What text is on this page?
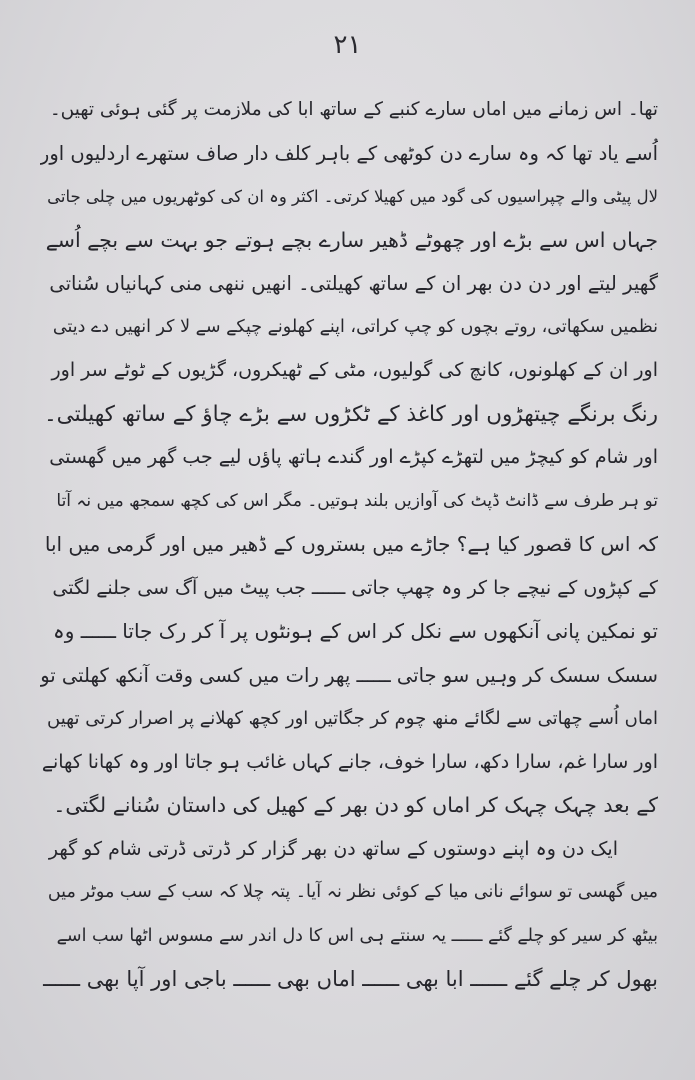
۲۱
تھا۔ اس زمانے میں اماں سارے کنبے کے ساتھ ابا کی ملازمت پر گئی ہوئی تھیں۔
اُسے یاد تھا کہ وہ سارے دن کوٹھی کے باہر کلف دار صاف ستھرے اردلیوں اور
لال پیٹی والے چپراسیوں کی گود میں کھیلا کرتی۔ اکثر وہ ان کی کوٹھریوں میں چلی جاتی
جہاں اس سے بڑے اور چھوٹے ڈھیر سارے بچے ہوتے جو بہت سے بچے اُسے
گھیر لیتے اور دن دن بھر ان کے ساتھ کھیلتی۔ انھیں ننھی منی کہانیاں سُناتی
نظمیں سکھاتی، روتے بچوں کو چپ کراتی، اپنے کھلونے چپکے سے لا کر انھیں دے دیتی
اور ان کے کھلونوں، کانچ کی گولیوں، مٹی کے ٹھیکروں، گڑیوں کے ٹوٹے سر اور
رنگ برنگے چیتھڑوں اور کاغذ کے ٹکڑوں سے بڑے چاؤ کے ساتھ کھیلتی۔
اور شام کو کیچڑ میں لتھڑے کپڑے اور گندے ہاتھ پاؤں لیے جب گھر میں گھستی
تو ہر طرف سے ڈانٹ ڈپٹ کی آوازیں بلند ہوتیں۔ مگر اس کی کچھ سمجھ میں نہ آتا
کہ اس کا قصور کیا ہے؟ جاڑے میں بستروں کے ڈھیر میں اور گرمی میں ابا
کے کپڑوں کے نیچے جا کر وہ چھپ جاتی ــــــ جب پیٹ میں آگ سی جلنے لگتی
تو نمکین پانی آنکھوں سے نکل کر اس کے ہونٹوں پر آ کر رک جاتا ــــــ وہ
سسک سسک کر وہیں سو جاتی ــــــ پھر رات میں کسی وقت آنکھ کھلتی تو
اماں اُسے چھاتی سے لگائے منھ چوم کر جگاتیں اور کچھ کھلانے پر اصرار کرتی تھیں
اور سارا غم، سارا دکھ، سارا خوف، جانے کہاں غائب ہو جاتا اور وہ کھانا کھانے
کے بعد چہک چہک کر اماں کو دن بھر کے کھیل کی داستان سُنانے لگتی۔
ایک دن وہ اپنے دوستوں کے ساتھ دن بھر گزار کر ڈرتی ڈرتی شام کو گھر
میں گھسی تو سوائے نانی میا کے کوئی نظر نہ آیا۔ پتہ چلا کہ سب کے سب موٹر میں
بیٹھ کر سیر کو چلے گئے ــــــ یہ سنتے ہی اس کا دل اندر سے مسوس اٹھا سب اسے
بھول کر چلے گئے ــــــ ابا بھی ــــــ اماں بھی ــــــ باجی اور آپا بھی ــــــ
